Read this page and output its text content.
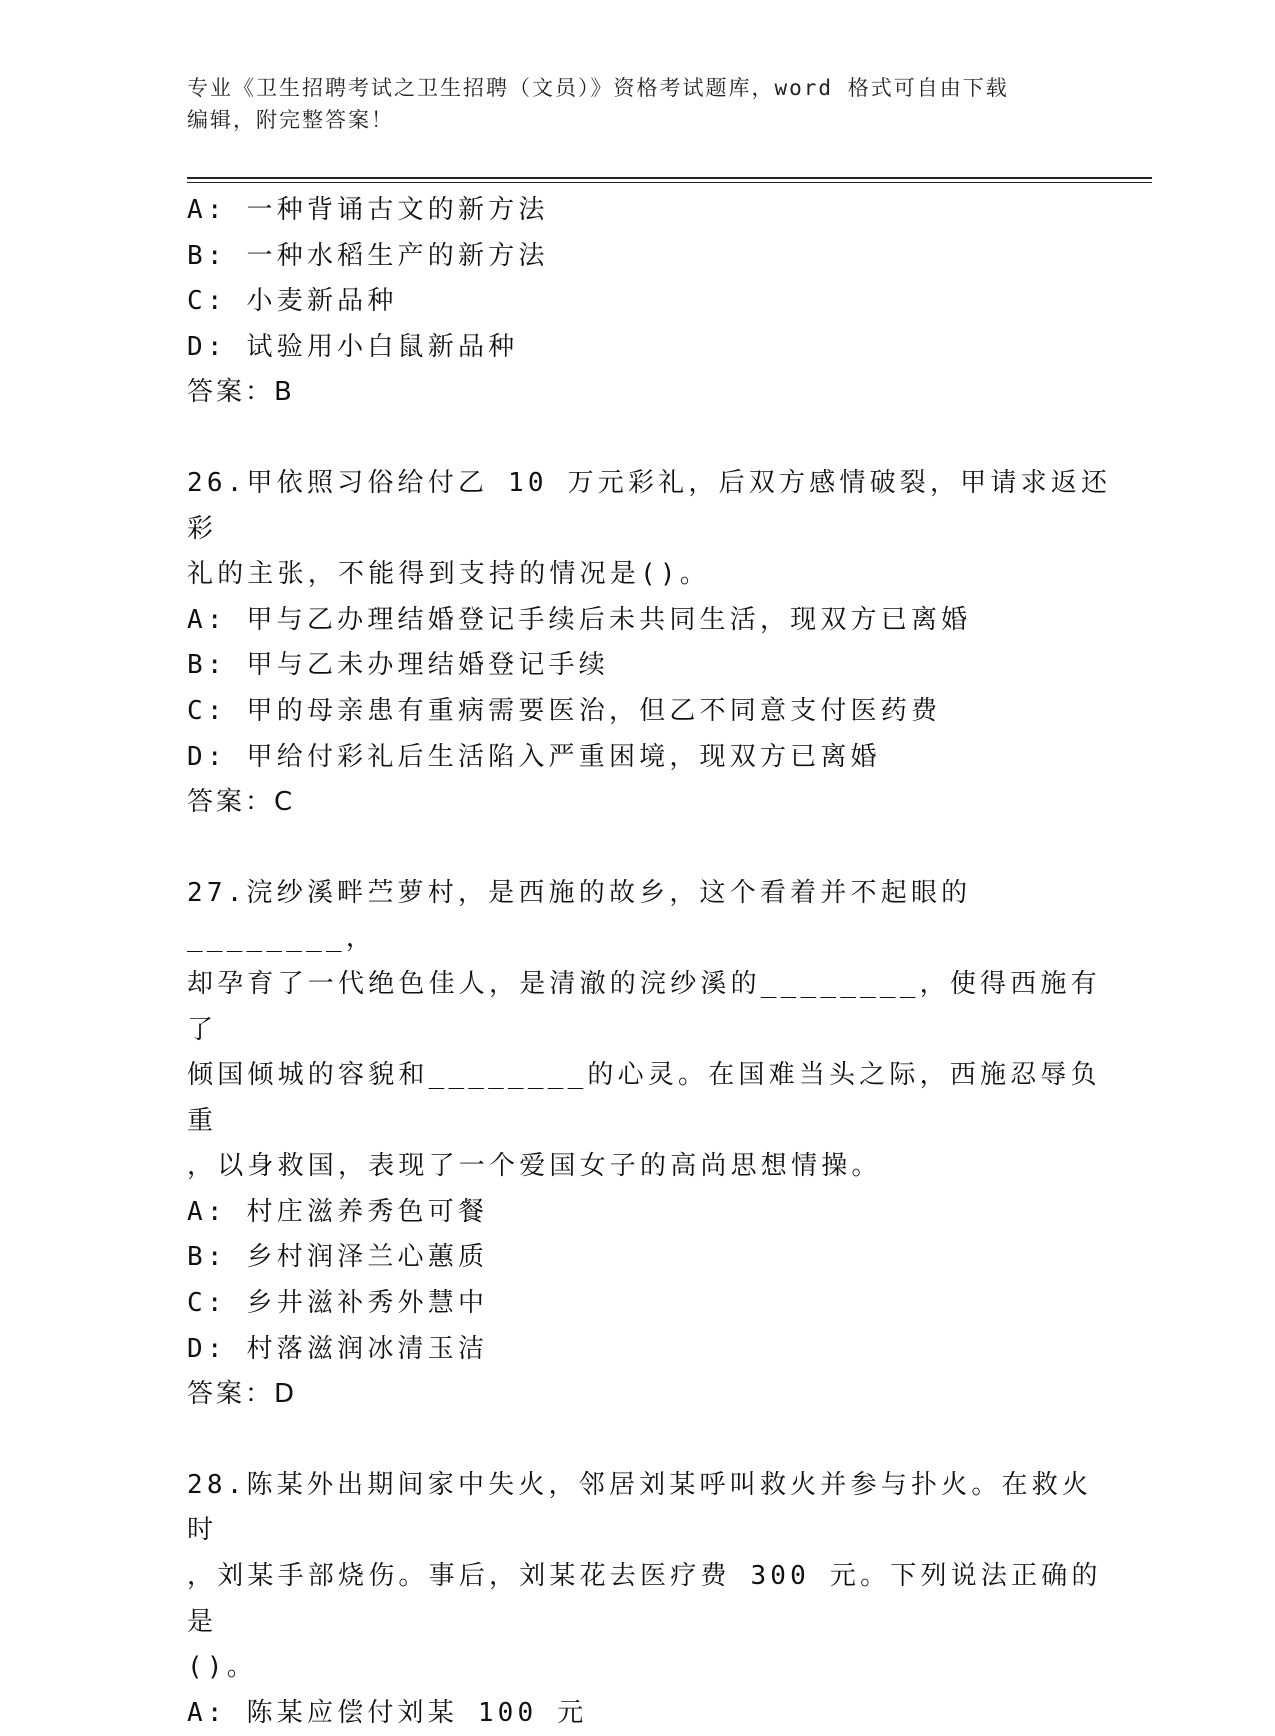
专业《卫生招聘考试之卫生招聘（文员）》资格考试题库，word 格式可自由下载
编辑，附完整答案！

A: 一种背诵古文的新方法

B: 一种水稻生产的新方法

C: 小麦新品种

D: 试验用小白鼠新品种

答案：B

26.甲依照习俗给付乙 10 万元彩礼，后双方感情破裂，甲请求返还彩

礼的主张，不能得到支持的情况是()。

A: 甲与乙办理结婚登记手续后未共同生活，现双方已离婚

B: 甲与乙未办理结婚登记手续

C: 甲的母亲患有重病需要医治，但乙不同意支付医药费

D: 甲给付彩礼后生活陷入严重困境，现双方已离婚

答案：C

27.浣纱溪畔苎萝村，是西施的故乡，这个看着并不起眼的________，

却孕育了一代绝色佳人，是清澈的浣纱溪的________，使得西施有了

倾国倾城的容貌和________的心灵。在国难当头之际，西施忍辱负重

，以身救国，表现了一个爱国女子的高尚思想情操。

A: 村庄滋养秀色可餐

B: 乡村润泽兰心蕙质

C: 乡井滋补秀外慧中

D: 村落滋润冰清玉洁

答案：D

28.陈某外出期间家中失火，邻居刘某呼叫救火并参与扑火。在救火时

，刘某手部烧伤。事后，刘某花去医疗费 300 元。下列说法正确的是

()。

A: 陈某应偿付刘某 100 元
